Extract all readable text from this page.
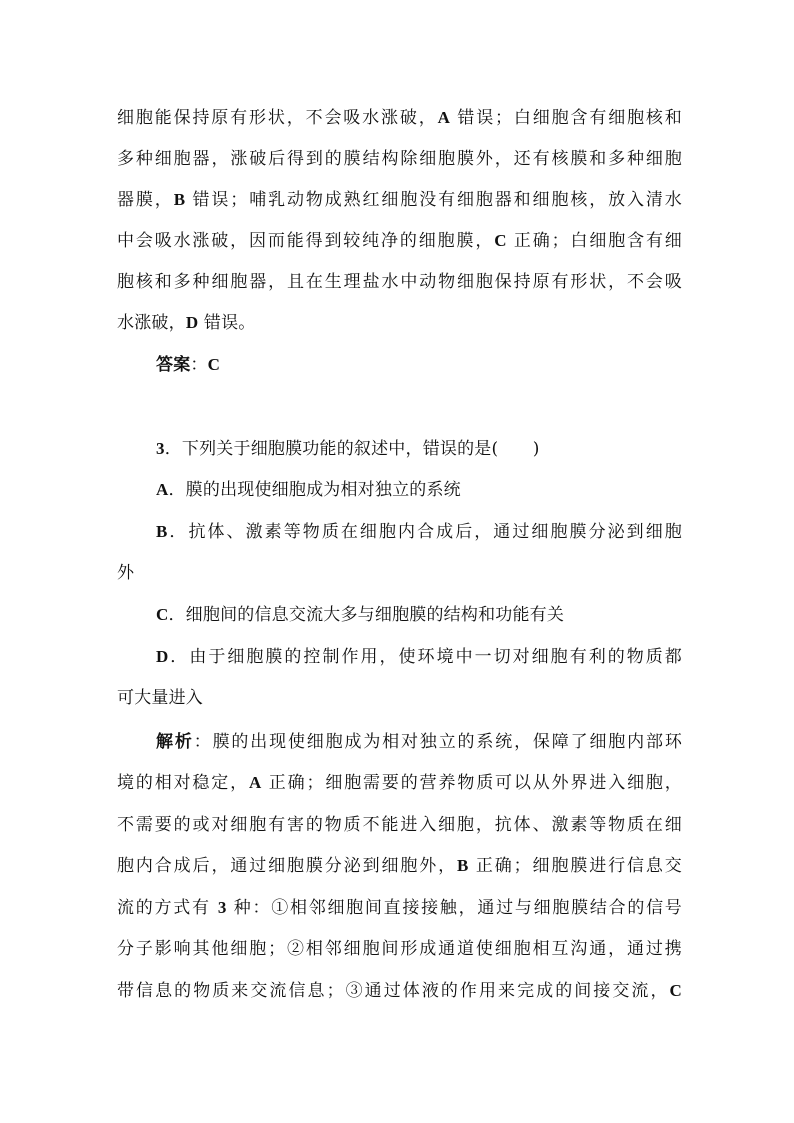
细胞能保持原有形状，不会吸水涨破，A 错误；白细胞含有细胞核和
多种细胞器，涨破后得到的膜结构除细胞膜外，还有核膜和多种细胞
器膜，B 错误；哺乳动物成熟红细胞没有细胞器和细胞核，放入清水
中会吸水涨破，因而能得到较纯净的细胞膜，C 正确；白细胞含有细
胞核和多种细胞器，且在生理盐水中动物细胞保持原有形状，不会吸
水涨破，D 错误。
答案：C
3．下列关于细胞膜功能的叙述中，错误的是(　　)
A．膜的出现使细胞成为相对独立的系统
B．抗体、激素等物质在细胞内合成后，通过细胞膜分泌到细胞
外
C．细胞间的信息交流大多与细胞膜的结构和功能有关
D．由于细胞膜的控制作用，使环境中一切对细胞有利的物质都
可大量进入
解析：膜的出现使细胞成为相对独立的系统，保障了细胞内部环
境的相对稳定，A 正确；细胞需要的营养物质可以从外界进入细胞，
不需要的或对细胞有害的物质不能进入细胞，抗体、激素等物质在细
胞内合成后，通过细胞膜分泌到细胞外，B 正确；细胞膜进行信息交
流的方式有 3 种：①相邻细胞间直接接触，通过与细胞膜结合的信号
分子影响其他细胞；②相邻细胞间形成通道使细胞相互沟通，通过携
带信息的物质来交流信息；③通过体液的作用来完成的间接交流，C
